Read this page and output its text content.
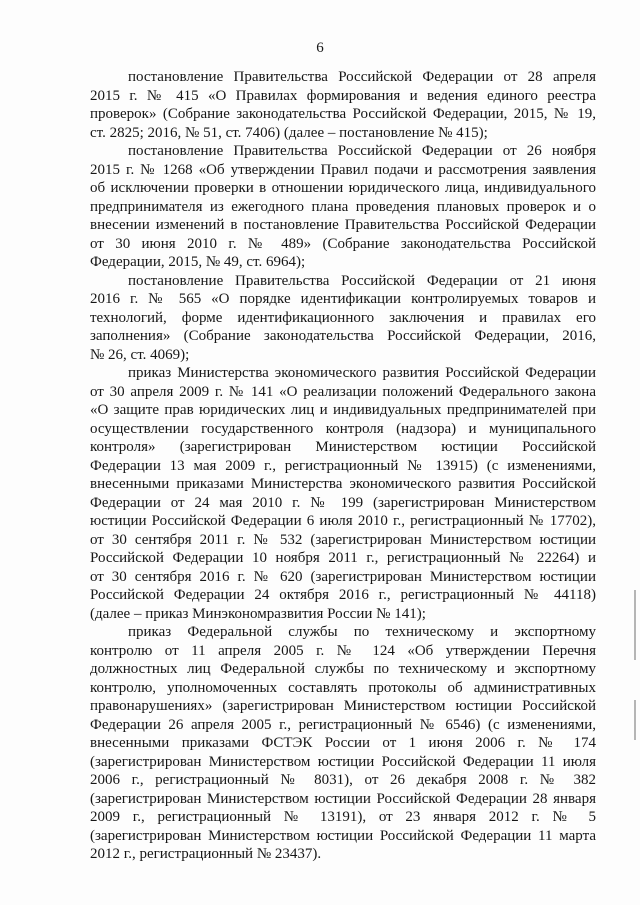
6
постановление Правительства Российской Федерации от 28 апреля
2015 г. № 415 «О Правилах формирования и ведения единого реестра
проверок» (Собрание законодательства Российской Федерации, 2015, № 19,
ст. 2825; 2016, № 51, ст. 7406) (далее – постановление № 415);
постановление Правительства Российской Федерации от 26 ноября
2015 г. № 1268 «Об утверждении Правил подачи и рассмотрения заявления
об исключении проверки в отношении юридического лица, индивидуального
предпринимателя из ежегодного плана проведения плановых проверок и о
внесении изменений в постановление Правительства Российской Федерации
от 30 июня 2010 г. № 489» (Собрание законодательства Российской
Федерации, 2015, № 49, ст. 6964);
постановление Правительства Российской Федерации от 21 июня
2016 г. № 565 «О порядке идентификации контролируемых товаров и
технологий, форме идентификационного заключения и правилах его
заполнения» (Собрание законодательства Российской Федерации, 2016,
№ 26, ст. 4069);
приказ Министерства экономического развития Российской Федерации
от 30 апреля 2009 г. № 141 «О реализации положений Федерального закона
«О защите прав юридических лиц и индивидуальных предпринимателей при
осуществлении государственного контроля (надзора) и муниципального
контроля» (зарегистрирован Министерством юстиции Российской
Федерации 13 мая 2009 г., регистрационный № 13915) (с изменениями,
внесенными приказами Министерства экономического развития Российской
Федерации от 24 мая 2010 г. № 199 (зарегистрирован Министерством
юстиции Российской Федерации 6 июля 2010 г., регистрационный № 17702),
от 30 сентября 2011 г. № 532 (зарегистрирован Министерством юстиции
Российской Федерации 10 ноября 2011 г., регистрационный № 22264) и
от 30 сентября 2016 г. № 620 (зарегистрирован Министерством юстиции
Российской Федерации 24 октября 2016 г., регистрационный № 44118)
(далее – приказ Минэкономразвития России № 141);
приказ Федеральной службы по техническому и экспортному
контролю от 11 апреля 2005 г. № 124 «Об утверждении Перечня
должностных лиц Федеральной службы по техническому и экспортному
контролю, уполномоченных составлять протоколы об административных
правонарушениях» (зарегистрирован Министерством юстиции Российской
Федерации 26 апреля 2005 г., регистрационный № 6546) (с изменениями,
внесенными приказами ФСТЭК России от 1 июня 2006 г. № 174
(зарегистрирован Министерством юстиции Российской Федерации 11 июля
2006 г., регистрационный № 8031), от 26 декабря 2008 г. № 382
(зарегистрирован Министерством юстиции Российской Федерации 28 января
2009 г., регистрационный № 13191), от 23 января 2012 г. № 5
(зарегистрирован Министерством юстиции Российской Федерации 11 марта
2012 г., регистрационный № 23437).
